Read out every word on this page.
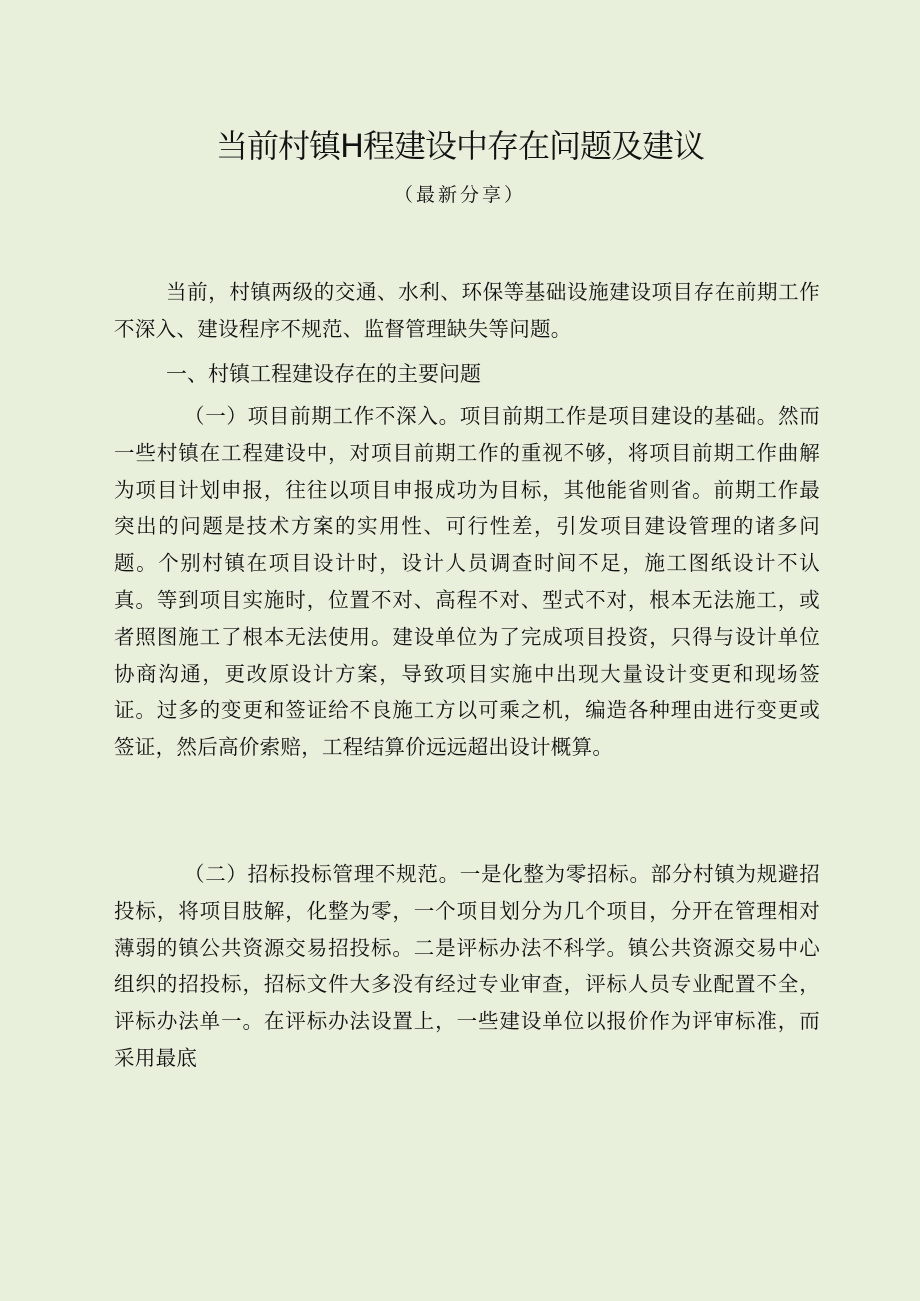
当前村镇H程建设中存在问题及建议
（最新分享）
当前，村镇两级的交通、水利、环保等基础设施建设项目存在前期工作不深入、建设程序不规范、监督管理缺失等问题。
一、村镇工程建设存在的主要问题
（一）项目前期工作不深入。项目前期工作是项目建设的基础。然而一些村镇在工程建设中，对项目前期工作的重视不够，将项目前期工作曲解为项目计划申报，往往以项目申报成功为目标，其他能省则省。前期工作最突出的问题是技术方案的实用性、可行性差，引发项目建设管理的诸多问题。个别村镇在项目设计时，设计人员调查时间不足，施工图纸设计不认真。等到项目实施时，位置不对、高程不对、型式不对，根本无法施工，或者照图施工了根本无法使用。建设单位为了完成项目投资，只得与设计单位协商沟通，更改原设计方案，导致项目实施中出现大量设计变更和现场签证。过多的变更和签证给不良施工方以可乘之机，编造各种理由进行变更或签证，然后高价索赔，工程结算价远远超出设计概算。
（二）招标投标管理不规范。一是化整为零招标。部分村镇为规避招投标，将项目肢解，化整为零，一个项目划分为几个项目，分开在管理相对薄弱的镇公共资源交易招投标。二是评标办法不科学。镇公共资源交易中心组织的招投标，招标文件大多没有经过专业审查，评标人员专业配置不全，评标办法单一。在评标办法设置上，一些建设单位以报价作为评审标准，而采用最底
